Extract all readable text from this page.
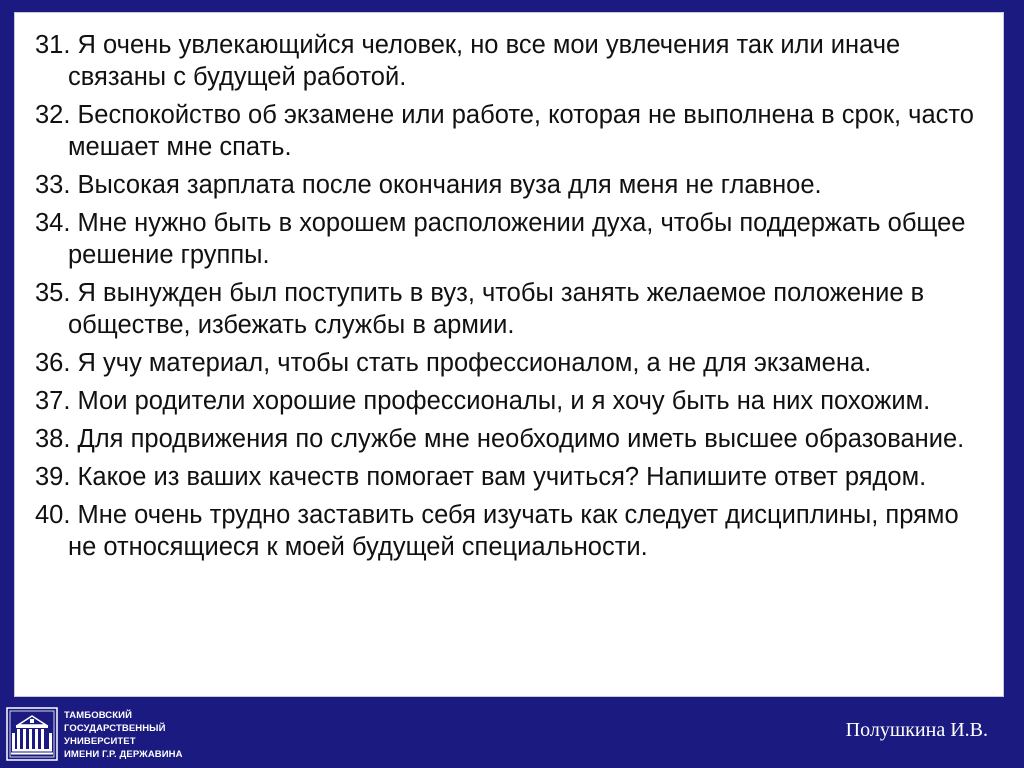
31. Я очень увлекающийся человек, но все мои увлечения так или иначе связаны с будущей работой.
32. Беспокойство об экзамене или работе, которая не выполнена в срок, часто мешает мне спать.
33. Высокая зарплата после окончания вуза для меня не главное.
34. Мне нужно быть в хорошем расположении духа, чтобы поддержать общее решение группы.
35. Я вынужден был поступить в вуз, чтобы занять желаемое положение в обществе, избежать службы в армии.
36. Я учу материал, чтобы стать профессионалом, а не для экзамена.
37. Мои родители хорошие профессионалы, и я хочу быть на них похожим.
38. Для продвижения по службе мне необходимо иметь высшее образование.
39. Какое из ваших качеств помогает вам учиться? Напишите ответ рядом.
40. Мне очень трудно заставить себя изучать как следует дисциплины, прямо не относящиеся к моей будущей специальности.
ТАМБОВСКИЙ
ГОСУДАРСТВЕННЫЙ
УНИВЕРСИТЕТ
ИМЕНИ Г.Р. ДЕРЖАВИНА
Полушкина И.В.
